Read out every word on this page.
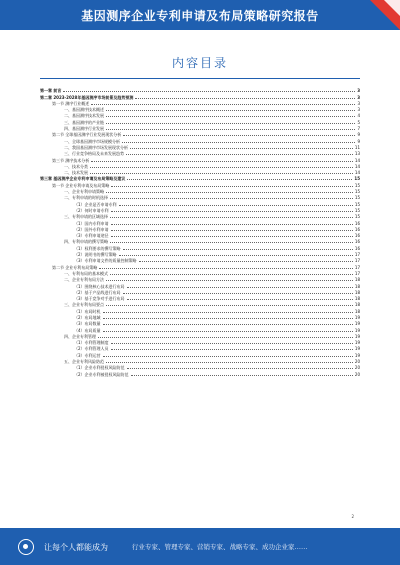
基因测序企业专利申请及布局策略研究报告
内容目录
第一章 前言	3
第二章 2023-2028年基因测序市场前景及趋势预测	3
第一节 测序行业概述	3
一、基因测序技术概述	3
二、基因测序技术发展	4
三、基因测序的产业链	5
四、基因测序行业发展	7
第二节 全球基因测序行业发展现状分析	9
一、全球基因测序市场规模分析	9
二、我国基因测序市场发展现状分析	11
三、行业竞争格局及未来发展趋势	13
第三节 测序技术分析	14
一、技术分类	14
二、技术发展	14
第三章 基因测序企业专利申请及布局策略及建议	15
第一节 企业专利申请及布局策略	15
一、企业专利申请策略	15
二、专利申请的时机选择	15
（1）企业是否申请专利	15
（2）何时申请专利	15
三、专利申请的区域选择	15
（1）国内专利申请	16
（2）国外专利申请	16
（3）专利申请途径	16
四、专利申请的撰写策略	16
（1）权利要求的撰写策略	16
（2）说明书的撰写策略	17
（3）专利申请文件的质量控制策略	17
第二节 企业专利布局策略	17
一、专利布局的基本模式	17
二、企业专利布局方法	18
（1）围绕核心技术进行布局	18
（2）基于产品线进行布局	18
（3）基于竞争对手进行布局	18
三、企业专利布局要点	18
（1）布局时机	18
（2）布局地域	19
（3）布局数量	19
（4）布局质量	19
四、企业专利管理	19
（1）专利管理制度	19
（2）专利管理人员	19
（3）专利运营	19
五、企业专利风险防范	20
（1）企业专利侵权风险防范	20
（2）企业专利被侵权风险防范	20
2
让每个人都能成为	行业专家、管理专家、营销专家、战略专家、成功企业家……
